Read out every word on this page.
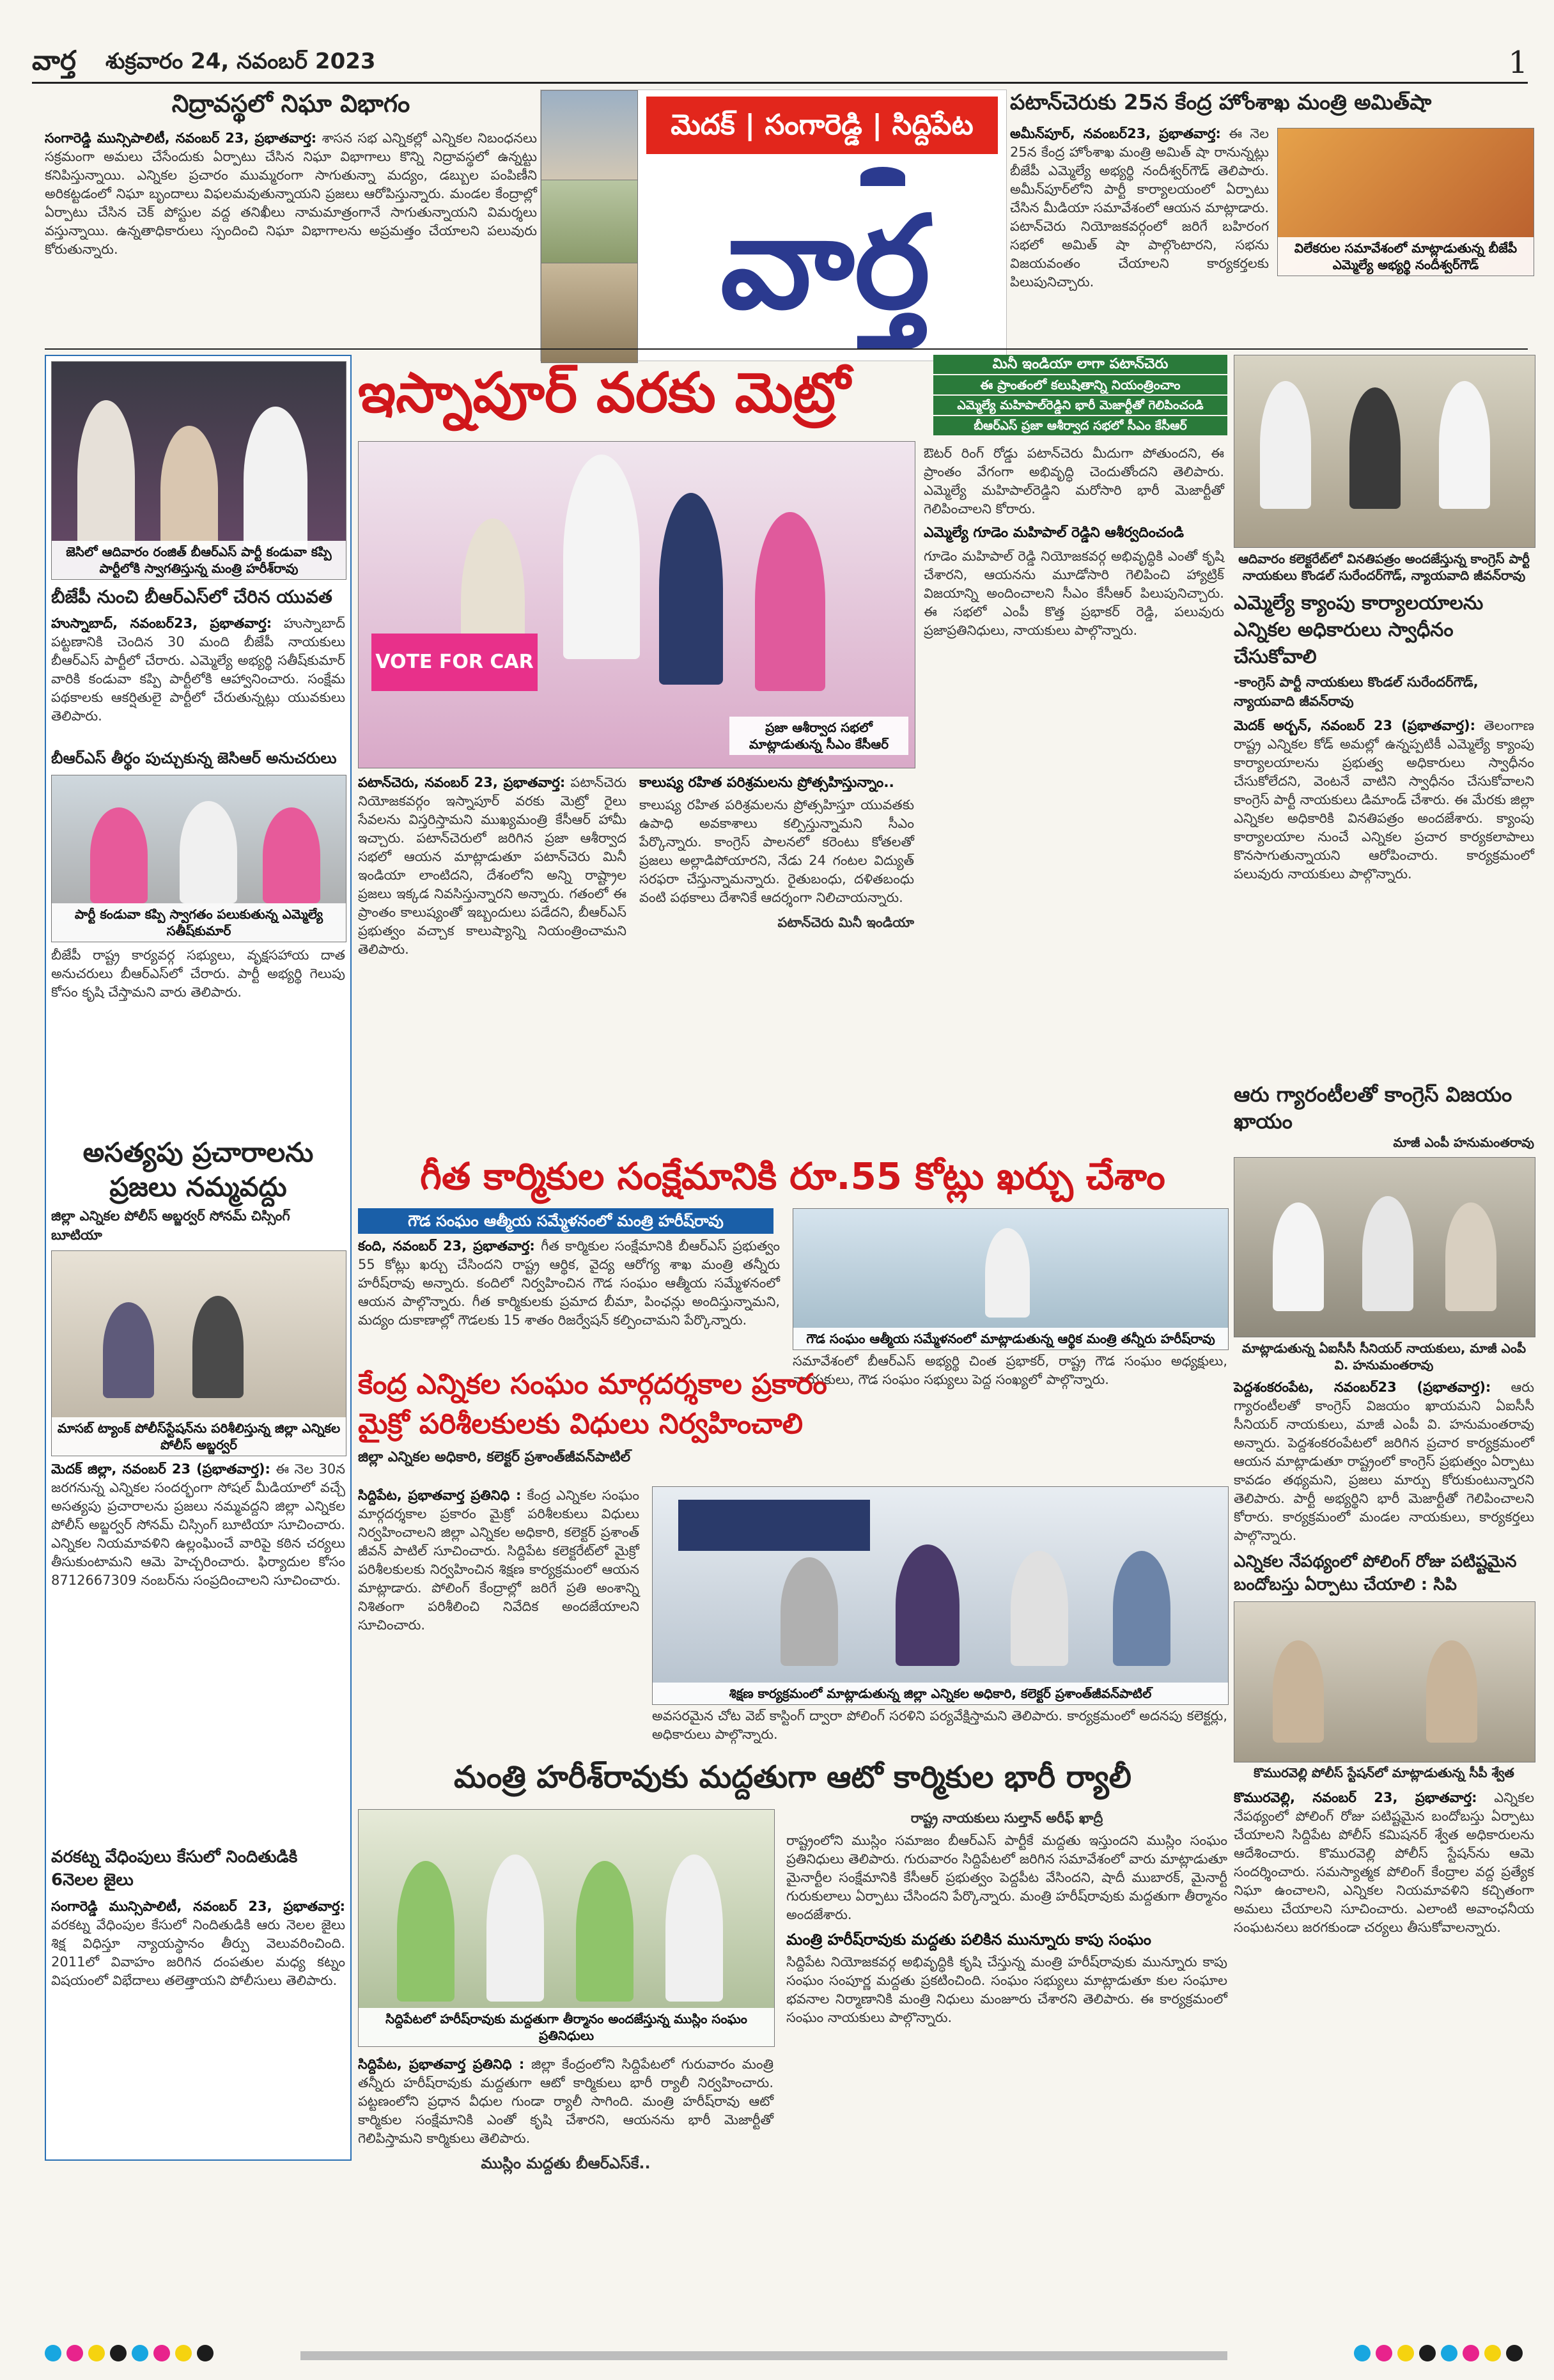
వార్త శుక్రవారం 24, నవంబర్ 2023	1
నిద్రావస్థలో నిఘా విభాగం
సంగారెడ్డి మున్సిపాలిటీ, నవంబర్ 23, ప్రభాతవార్త: శాసన సభ ఎన్నికల్లో ఎన్నికల నిబంధనలు సక్రమంగా అమలు చేసేందుకు ఏర్పాటు చేసిన నిఘా విభాగాలు కొన్ని నిద్రావస్థలో ఉన్నట్టు కనిపిస్తున్నాయి. ఎన్నికల ప్రచారం ముమ్మరంగా సాగుతున్నా మద్యం, డబ్బుల పంపిణీని అరికట్టడంలో నిఘా బృందాలు విఫలమవుతున్నాయని ప్రజలు ఆరోపిస్తున్నారు. మండల కేంద్రాల్లో ఏర్పాటు చేసిన చెక్ పోస్టుల వద్ద తనిఖీలు నామమాత్రంగానే సాగుతున్నాయని విమర్శలు వస్తున్నాయి. ఉన్నతాధికారులు స్పందించి నిఘా విభాగాలను అప్రమత్తం చేయాలని పలువురు కోరుతున్నారు.
మెదక్ | సంగారెడ్డి | సిద్దిపేట
వార్త
పటాన్‌చెరుకు 25న కేంద్ర హోంశాఖ మంత్రి అమిత్‌షా
విలేకరుల సమావేశంలో మాట్లాడుతున్న బీజేపీ ఎమ్మెల్యే అభ్యర్థి నందీశ్వర్‌గౌడ్
అమీన్‌పూర్, నవంబర్23, ప్రభాతవార్త: ఈ నెల 25న కేంద్ర హోంశాఖ మంత్రి అమిత్ షా రానున్నట్లు బీజేపీ ఎమ్మెల్యే అభ్యర్థి నందీశ్వర్‌గౌడ్ తెలిపారు. అమీన్‌పూర్‌లోని పార్టీ కార్యాలయంలో ఏర్పాటు చేసిన మీడియా సమావేశంలో ఆయన మాట్లాడారు. పటాన్‌చెరు నియోజకవర్గంలో జరిగే బహిరంగ సభలో అమిత్ షా పాల్గొంటారని, సభను విజయవంతం చేయాలని కార్యకర్తలకు పిలుపునిచ్చారు.
జెసిలో ఆదివారం రంజిత్‌ బీఆర్‌ఎస్‌ పార్టీ కండువా కప్పి పార్టీలోకి స్వాగతిస్తున్న మంత్రి హరీశ్‌రావు
బీజేపీ నుంచి బీఆర్‌ఎస్‌లో చేరిన యువత
హుస్నాబాద్, నవంబర్23, ప్రభాతవార్త: హుస్నాబాద్ పట్టణానికి చెందిన 30 మంది బీజేపీ నాయకులు బీఆర్‌ఎస్ పార్టీలో చేరారు. ఎమ్మెల్యే అభ్యర్థి సతీష్‌కుమార్ వారికి కండువా కప్పి పార్టీలోకి ఆహ్వానించారు. సంక్షేమ పథకాలకు ఆకర్షితులై పార్టీలో చేరుతున్నట్లు యువకులు తెలిపారు.
బీఆర్‌ఎస్‌ తీర్థం పుచ్చుకున్న జెసిఆర్ అనుచరులు
పార్టీ కండువా కప్పి స్వాగతం పలుకుతున్న ఎమ్మెల్యే సతీష్‌కుమార్
బీజేపీ రాష్ట్ర కార్యవర్గ సభ్యులు, వృక్షసహాయ దాత అనుచరులు బీఆర్‌ఎస్‌లో చేరారు. పార్టీ అభ్యర్థి గెలుపు కోసం కృషి చేస్తామని వారు తెలిపారు.
అసత్యపు ప్రచారాలను ప్రజలు నమ్మవద్దు
జిల్లా ఎన్నికల పోలీస్ అబ్జర్వర్ సోనమ్ చిస్సింగ్ బూటియా
మాసబ్ ట్యాంక్ పోలీస్‌స్టేషన్‌ను పరిశీలిస్తున్న జిల్లా ఎన్నికల పోలీస్ అబ్జర్వర్
మెదక్ జిల్లా, నవంబర్ 23 (ప్రభాతవార్త): ఈ నెల 30న జరగనున్న ఎన్నికల సందర్భంగా సోషల్ మీడియాలో వచ్చే అసత్యపు ప్రచారాలను ప్రజలు నమ్మవద్దని జిల్లా ఎన్నికల పోలీస్ అబ్జర్వర్ సోనమ్ చిస్సింగ్ బూటియా సూచించారు. ఎన్నికల నియమావళిని ఉల్లంఘించే వారిపై కఠిన చర్యలు తీసుకుంటామని ఆమె హెచ్చరించారు. ఫిర్యాదుల కోసం 8712667309 నంబర్‌ను సంప్రదించాలని సూచించారు.
వరకట్న వేధింపులు కేసులో నిందితుడికి 6నెలల జైలు
సంగారెడ్డి మున్సిపాలిటీ, నవంబర్ 23, ప్రభాతవార్త: వరకట్న వేధింపుల కేసులో నిందితుడికి ఆరు నెలల జైలు శిక్ష విధిస్తూ న్యాయస్థానం తీర్పు వెలువరించింది. 2011లో వివాహం జరిగిన దంపతుల మధ్య కట్నం విషయంలో విభేదాలు తలెత్తాయని పోలీసులు తెలిపారు.
ఇస్నాపూర్ వరకు మెట్రో	మినీ ఇండియా లాగా పటాన్‌చెరు
ఈ ప్రాంతంలో కలుషితాన్ని నియంత్రించాం
ఎమ్మెల్యే మహిపాల్‌రెడ్డిని భారీ మెజార్టీతో గెలిపించండి
బీఆర్‌ఎస్ ప్రజా ఆశీర్వాద సభలో సీఎం కేసీఆర్
VOTE FOR CAR
ప్రజా ఆశీర్వాద సభలో మాట్లాడుతున్న సీఎం కేసీఆర్
ఔటర్ రింగ్ రోడ్డు పటాన్‌చెరు మీదుగా పోతుందని, ఈ ప్రాంతం వేగంగా అభివృద్ధి చెందుతోందని తెలిపారు. ఎమ్మెల్యే మహిపాల్‌రెడ్డిని మరోసారి భారీ మెజార్టీతో గెలిపించాలని కోరారు.
ఎమ్మెల్యే గూడెం మహిపాల్ రెడ్డిని ఆశీర్వదించండి
గూడెం మహిపాల్ రెడ్డి నియోజకవర్గ అభివృద్ధికి ఎంతో కృషి చేశారని, ఆయనను మూడోసారి గెలిపించి హ్యాట్రిక్ విజయాన్ని అందించాలని సీఎం కేసీఆర్ పిలుపునిచ్చారు. ఈ సభలో ఎంపీ కొత్త ప్రభాకర్ రెడ్డి, పలువురు ప్రజాప్రతినిధులు, నాయకులు పాల్గొన్నారు.
పటాన్‌చెరు, నవంబర్ 23, ప్రభాతవార్త: పటాన్‌చెరు నియోజకవర్గం ఇస్నాపూర్ వరకు మెట్రో రైలు సేవలను విస్తరిస్తామని ముఖ్యమంత్రి కేసీఆర్ హామీ ఇచ్చారు. పటాన్‌చెరులో జరిగిన ప్రజా ఆశీర్వాద సభలో ఆయన మాట్లాడుతూ పటాన్‌చెరు మినీ ఇండియా లాంటిదని, దేశంలోని అన్ని రాష్ట్రాల ప్రజలు ఇక్కడ నివసిస్తున్నారని అన్నారు. గతంలో ఈ ప్రాంతం కాలుష్యంతో ఇబ్బందులు పడేదని, బీఆర్‌ఎస్ ప్రభుత్వం వచ్చాక కాలుష్యాన్ని నియంత్రించామని తెలిపారు.
కాలుష్య రహిత పరిశ్రమలను ప్రోత్సహిస్తున్నాం..
కాలుష్య రహిత పరిశ్రమలను ప్రోత్సహిస్తూ యువతకు ఉపాధి అవకాశాలు కల్పిస్తున్నామని సీఎం పేర్కొన్నారు. కాంగ్రెస్ పాలనలో కరెంటు కోతలతో ప్రజలు అల్లాడిపోయారని, నేడు 24 గంటల విద్యుత్ సరఫరా చేస్తున్నామన్నారు. రైతుబంధు, దళితబంధు వంటి పథకాలు దేశానికే ఆదర్శంగా నిలిచాయన్నారు.
పటాన్‌చెరు మినీ ఇండియా
ఆదివారం కలెక్టరేట్‌లో వినతిపత్రం అందజేస్తున్న కాంగ్రెస్ పార్టీ నాయకులు కొండల్ సురేందర్‌గౌడ్, న్యాయవాది జీవన్‌రావు
ఎమ్మెల్యే క్యాంపు కార్యాలయాలను ఎన్నికల అధికారులు స్వాధీనం చేసుకోవాలి
-కాంగ్రెస్ పార్టీ నాయకులు కొండల్ సురేందర్‌గౌడ్, న్యాయవాది జీవన్‌రావు
మెదక్ అర్బన్, నవంబర్ 23 (ప్రభాతవార్త): తెలంగాణ రాష్ట్ర ఎన్నికల కోడ్ అమల్లో ఉన్నప్పటికీ ఎమ్మెల్యే క్యాంపు కార్యాలయాలను ప్రభుత్వ అధికారులు స్వాధీనం చేసుకోలేదని, వెంటనే వాటిని స్వాధీనం చేసుకోవాలని కాంగ్రెస్ పార్టీ నాయకులు డిమాండ్ చేశారు. ఈ మేరకు జిల్లా ఎన్నికల అధికారికి వినతిపత్రం అందజేశారు. క్యాంపు కార్యాలయాల నుంచే ఎన్నికల ప్రచార కార్యకలాపాలు కొనసాగుతున్నాయని ఆరోపించారు. కార్యక్రమంలో పలువురు నాయకులు పాల్గొన్నారు.
ఆరు గ్యారంటీలతో కాంగ్రెస్ విజయం ఖాయం
మాజీ ఎంపీ హనుమంతరావు
మాట్లాడుతున్న ఏఐసీసీ సీనియర్ నాయకులు, మాజీ ఎంపీ వి. హనుమంతరావు
పెద్దశంకరంపేట, నవంబర్23 (ప్రభాతవార్త): ఆరు గ్యారంటీలతో కాంగ్రెస్ విజయం ఖాయమని ఏఐసీసీ సీనియర్ నాయకులు, మాజీ ఎంపీ వి. హనుమంతరావు అన్నారు. పెద్దశంకరంపేటలో జరిగిన ప్రచార కార్యక్రమంలో ఆయన మాట్లాడుతూ రాష్ట్రంలో కాంగ్రెస్ ప్రభుత్వం ఏర్పాటు కావడం తథ్యమని, ప్రజలు మార్పు కోరుకుంటున్నారని తెలిపారు. పార్టీ అభ్యర్థిని భారీ మెజార్టీతో గెలిపించాలని కోరారు. కార్యక్రమంలో మండల నాయకులు, కార్యకర్తలు పాల్గొన్నారు.
గీత కార్మికుల సంక్షేమానికి రూ.55 కోట్లు ఖర్చు చేశాం
గౌడ సంఘం ఆత్మీయ సమ్మేళనంలో మంత్రి హరీష్‌రావు
కంది, నవంబర్ 23, ప్రభాతవార్త: గీత కార్మికుల సంక్షేమానికి బీఆర్‌ఎస్ ప్రభుత్వం 55 కోట్లు ఖర్చు చేసిందని రాష్ట్ర ఆర్థిక, వైద్య ఆరోగ్య శాఖ మంత్రి తన్నీరు హరీష్‌రావు అన్నారు. కందిలో నిర్వహించిన గౌడ సంఘం ఆత్మీయ సమ్మేళనంలో ఆయన పాల్గొన్నారు. గీత కార్మికులకు ప్రమాద బీమా, పింఛన్లు అందిస్తున్నామని, మద్యం దుకాణాల్లో గౌడలకు 15 శాతం రిజర్వేషన్ కల్పించామని పేర్కొన్నారు.
గౌడ సంఘం ఆత్మీయ సమ్మేళనంలో మాట్లాడుతున్న ఆర్థిక మంత్రి తన్నీరు హరీష్‌రావు
సమావేశంలో బీఆర్‌ఎస్ అభ్యర్థి చింత ప్రభాకర్, రాష్ట్ర గౌడ సంఘం అధ్యక్షులు, నాయకులు, గౌడ సంఘం సభ్యులు పెద్ద సంఖ్యలో పాల్గొన్నారు.
కేంద్ర ఎన్నికల సంఘం మార్గదర్శకాల ప్రకారం
మైక్రో పరిశీలకులకు విధులు నిర్వహించాలి
జిల్లా ఎన్నికల అధికారి, కలెక్టర్ ప్రశాంత్‌జీవన్‌పాటిల్
సిద్దిపేట, ప్రభాతవార్త ప్రతినిధి : కేంద్ర ఎన్నికల సంఘం మార్గదర్శకాల ప్రకారం మైక్రో పరిశీలకులు విధులు నిర్వహించాలని జిల్లా ఎన్నికల అధికారి, కలెక్టర్ ప్రశాంత్ జీవన్ పాటిల్ సూచించారు. సిద్దిపేట కలెక్టరేట్‌లో మైక్రో పరిశీలకులకు నిర్వహించిన శిక్షణ కార్యక్రమంలో ఆయన మాట్లాడారు. పోలింగ్ కేంద్రాల్లో జరిగే ప్రతి అంశాన్ని నిశితంగా పరిశీలించి నివేదిక అందజేయాలని సూచించారు.
శిక్షణ కార్యక్రమంలో మాట్లాడుతున్న జిల్లా ఎన్నికల అధికారి, కలెక్టర్ ప్రశాంత్‌జీవన్‌పాటిల్
అవసరమైన చోట వెబ్ కాస్టింగ్ ద్వారా పోలింగ్ సరళిని పర్యవేక్షిస్తామని తెలిపారు. కార్యక్రమంలో అదనపు కలెక్టర్లు, అధికారులు పాల్గొన్నారు.
ఎన్నికల నేపథ్యంలో పోలింగ్ రోజు పటిష్టమైన బందోబస్తు ఏర్పాటు చేయాలి : సిపి
కొమురవెల్లి పోలీస్ స్టేషన్‌లో మాట్లాడుతున్న సీపీ శ్వేత
కొమురవెల్లి, నవంబర్ 23, ప్రభాతవార్త: ఎన్నికల నేపథ్యంలో పోలింగ్ రోజు పటిష్టమైన బందోబస్తు ఏర్పాటు చేయాలని సిద్దిపేట పోలీస్ కమిషనర్ శ్వేత అధికారులను ఆదేశించారు. కొమురవెల్లి పోలీస్ స్టేషన్‌ను ఆమె సందర్శించారు. సమస్యాత్మక పోలింగ్ కేంద్రాల వద్ద ప్రత్యేక నిఘా ఉంచాలని, ఎన్నికల నియమావళిని కచ్చితంగా అమలు చేయాలని సూచించారు. ఎలాంటి అవాంఛనీయ సంఘటనలు జరగకుండా చర్యలు తీసుకోవాలన్నారు.
మంత్రి హరీశ్‌రావుకు మద్దతుగా ఆటో కార్మికుల భారీ ర్యాలీ
సిద్దిపేటలో హరీష్‌రావుకు మద్దతుగా తీర్మానం అందజేస్తున్న ముస్లిం సంఘం ప్రతినిధులు
సిద్దిపేట, ప్రభాతవార్త ప్రతినిధి : జిల్లా కేంద్రంలోని సిద్దిపేటలో గురువారం మంత్రి తన్నీరు హరీష్‌రావుకు మద్దతుగా ఆటో కార్మికులు భారీ ర్యాలీ నిర్వహించారు. పట్టణంలోని ప్రధాన వీధుల గుండా ర్యాలీ సాగింది. మంత్రి హరీష్‌రావు ఆటో కార్మికుల సంక్షేమానికి ఎంతో కృషి చేశారని, ఆయనను భారీ మెజార్టీతో గెలిపిస్తామని కార్మికులు తెలిపారు.
ముస్లిం మద్దతు బీఆర్‌ఎస్‌కే..
రాష్ట్ర నాయకులు సుల్తాన్ అరీఫ్ ఖాద్రీ
రాష్ట్రంలోని ముస్లిం సమాజం బీఆర్‌ఎస్ పార్టీకే మద్దతు ఇస్తుందని ముస్లిం సంఘం ప్రతినిధులు తెలిపారు. గురువారం సిద్దిపేటలో జరిగిన సమావేశంలో వారు మాట్లాడుతూ మైనార్టీల సంక్షేమానికి కేసీఆర్ ప్రభుత్వం పెద్దపీట వేసిందని, షాదీ ముబారక్, మైనార్టీ గురుకులాలు ఏర్పాటు చేసిందని పేర్కొన్నారు. మంత్రి హరీష్‌రావుకు మద్దతుగా తీర్మానం అందజేశారు.
మంత్రి హరీష్‌రావుకు మద్దతు పలికిన మున్నూరు కాపు సంఘం
సిద్దిపేట నియోజకవర్గ అభివృద్ధికి కృషి చేస్తున్న మంత్రి హరీష్‌రావుకు మున్నూరు కాపు సంఘం సంపూర్ణ మద్దతు ప్రకటించింది. సంఘం సభ్యులు మాట్లాడుతూ కుల సంఘాల భవనాల నిర్మాణానికి మంత్రి నిధులు మంజూరు చేశారని తెలిపారు. ఈ కార్యక్రమంలో సంఘం నాయకులు పాల్గొన్నారు.
